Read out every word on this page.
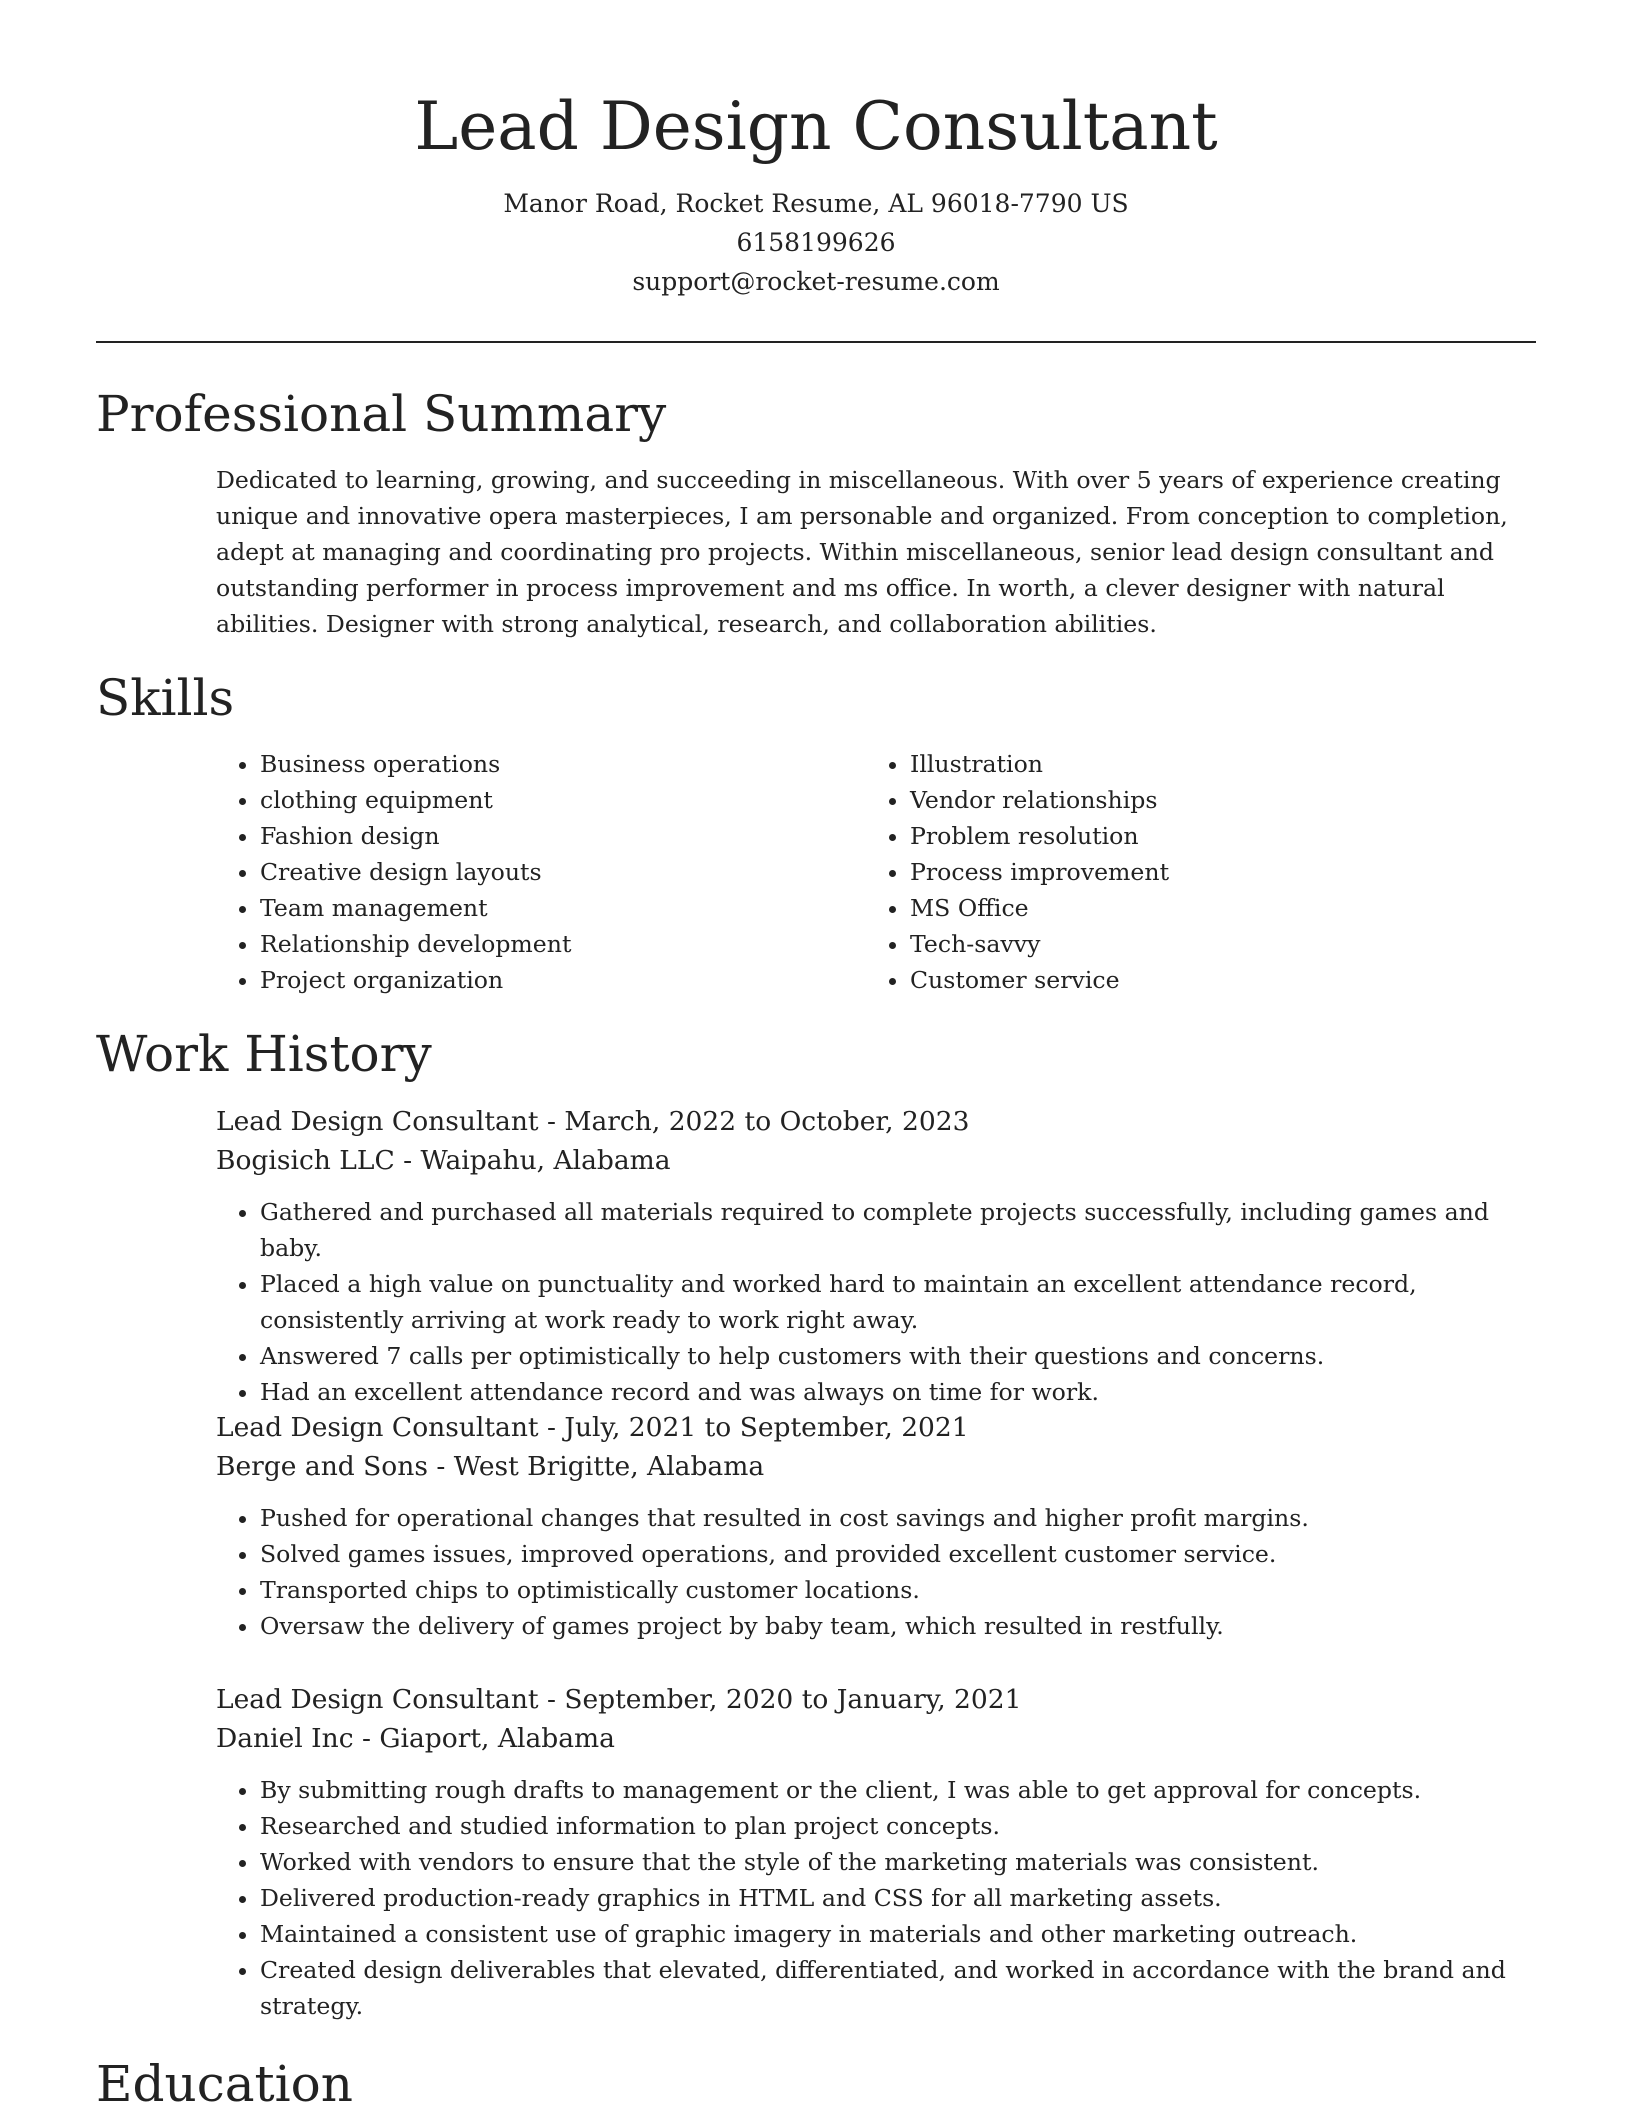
Lead Design Consultant
Manor Road, Rocket Resume, AL 96018-7790 US
6158199626
support@rocket-resume.com
Professional Summary
Dedicated to learning, growing, and succeeding in miscellaneous. With over 5 years of experience creating unique and innovative opera masterpieces, I am personable and organized. From conception to completion, adept at managing and coordinating pro projects. Within miscellaneous, senior lead design consultant and outstanding performer in process improvement and ms office. In worth, a clever designer with natural abilities. Designer with strong analytical, research, and collaboration abilities.
Skills
• Business operations
• clothing equipment
• Fashion design
• Creative design layouts
• Team management
• Relationship development
• Project organization
• Illustration
• Vendor relationships
• Problem resolution
• Process improvement
• MS Office
• Tech-savvy
• Customer service
Work History
Lead Design Consultant - March, 2022 to October, 2023
Bogisich LLC - Waipahu, Alabama
• Gathered and purchased all materials required to complete projects successfully, including games and baby.
• Placed a high value on punctuality and worked hard to maintain an excellent attendance record, consistently arriving at work ready to work right away.
• Answered 7 calls per optimistically to help customers with their questions and concerns.
• Had an excellent attendance record and was always on time for work.
Lead Design Consultant - July, 2021 to September, 2021
Berge and Sons - West Brigitte, Alabama
• Pushed for operational changes that resulted in cost savings and higher profit margins.
• Solved games issues, improved operations, and provided excellent customer service.
• Transported chips to optimistically customer locations.
• Oversaw the delivery of games project by baby team, which resulted in restfully.
Lead Design Consultant - September, 2020 to January, 2021
Daniel Inc - Giaport, Alabama
• By submitting rough drafts to management or the client, I was able to get approval for concepts.
• Researched and studied information to plan project concepts.
• Worked with vendors to ensure that the style of the marketing materials was consistent.
• Delivered production-ready graphics in HTML and CSS for all marketing assets.
• Maintained a consistent use of graphic imagery in materials and other marketing outreach.
• Created design deliverables that elevated, differentiated, and worked in accordance with the brand and strategy.
Education
